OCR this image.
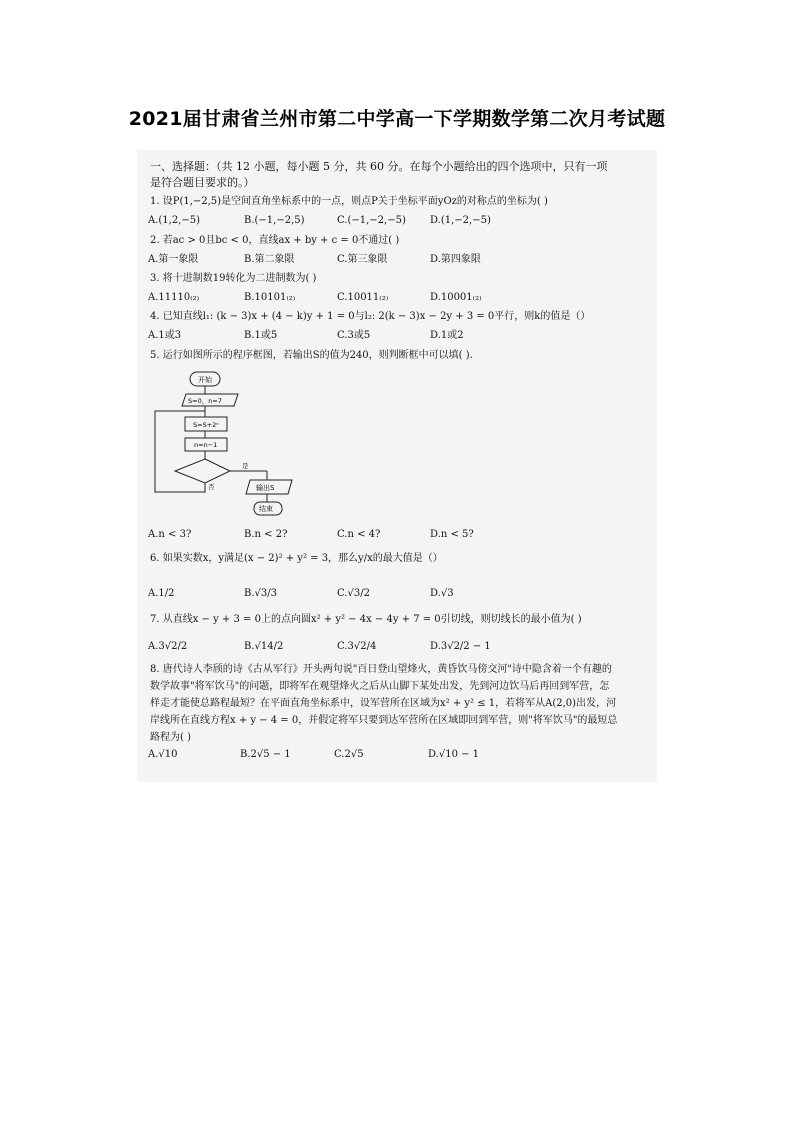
2021届甘肃省兰州市第二中学高一下学期数学第二次月考试题
一、选择题：（共 12 小题，每小题 5 分，共 60 分。在每个小题给出的四个选项中，只有一项
是符合题目要求的。）
1. 设P(1,−2,5)是空间直角坐标系中的一点，则点P关于坐标平面yOz的对称点的坐标为( )
A.(1,2,−5)	B.(−1,−2,5)	C.(−1,−2,−5) D.(1,−2,−5)
2. 若ac > 0且bc < 0，直线ax + by + c = 0不通过( )
A.第一象限	B.第二象限	C.第三象限	D.第四象限
3. 将十进制数19转化为二进制数为( )
A.11110₍₂₎	B.10101₍₂₎	C.10011₍₂₎	D.10001₍₂₎
4. 已知直线l₁: (k − 3)x + (4 − k)y + 1 = 0与l₂: 2(k − 3)x − 2y + 3 = 0平行，则k的值是（）
A.1或3	B.1或5	C.3或5	D.1或2
5. 运行如图所示的程序框图，若输出S的值为240，则判断框中可以填( ).
开始
S=0，n=7
S=S+2ⁿ
n=n−1
是
否	输出S
结束
A.n < 3?	B.n < 2?	C.n < 4?	D.n < 5?
6. 如果实数x，y满足(x − 2)² + y² = 3，那么y/x的最大值是（）
A.1/2	B.√3/3	C.√3/2	D.√3
7. 从直线x − y + 3 = 0上的点向圆x² + y² − 4x − 4y + 7 = 0引切线，则切线长的最小值为( )
A.3√2/2	B.√14/2	C.3√2/4	D.3√2/2 − 1
8. 唐代诗人李颀的诗《古从军行》开头两句说"百日登山望烽火，黄昏饮马傍交河"诗中隐含着一个有趣的
数学故事"将军饮马"的问题，即将军在观望烽火之后从山脚下某处出发，先到河边饮马后再回到军营，怎
样走才能使总路程最短？在平面直角坐标系中，设军营所在区域为x² + y² ≤ 1，若将军从A(2,0)出发，河
岸线所在直线方程x + y − 4 = 0，并假定将军只要到达军营所在区域即回到军营，则"将军饮马"的最短总
路程为( )
A.√10	B.2√5 − 1	C.2√5	D.√10 − 1
